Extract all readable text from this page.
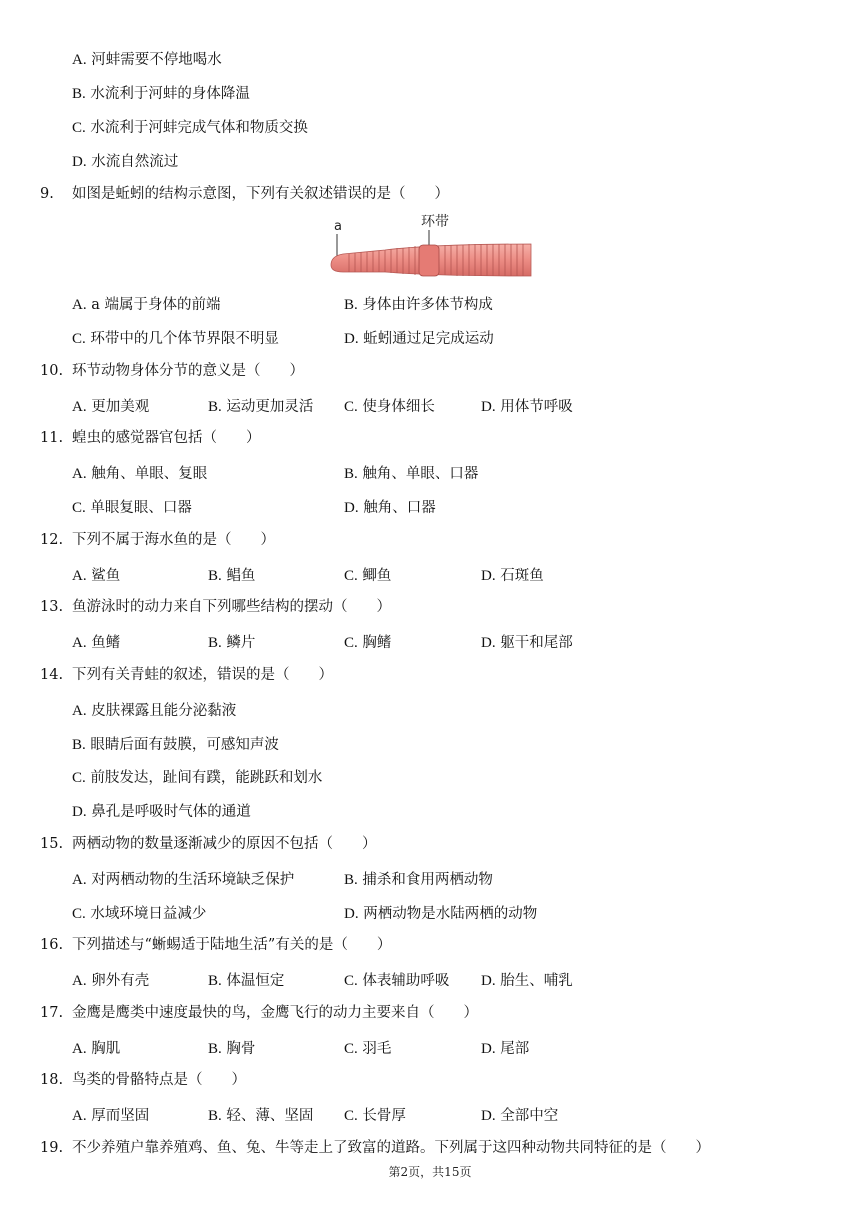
A. 河蚌需要不停地喝水
B. 水流利于河蚌的身体降温
C. 水流利于河蚌完成气体和物质交换
D. 水流自然流过
9. 如图是蚯蚓的结构示意图，下列有关叙述错误的是（　　）
a	环带
A. a 端属于身体的前端	B. 身体由许多体节构成
C. 环带中的几个体节界限不明显	D. 蚯蚓通过足完成运动
10. 环节动物身体分节的意义是（　　）
A. 更加美观	B. 运动更加灵活 C. 使身体细长	D. 用体节呼吸
11. 蝗虫的感觉器官包括（　　）
A. 触角、单眼、复眼	B. 触角、单眼、口器
C. 单眼复眼、口器	D. 触角、口器
12. 下列不属于海水鱼的是（　　）
A. 鲨鱼	B. 鲳鱼	C. 鲫鱼	D. 石斑鱼
13. 鱼游泳时的动力来自下列哪些结构的摆动（　　）
A. 鱼鳍	B. 鳞片	C. 胸鳍	D. 躯干和尾部
14. 下列有关青蛙的叙述，错误的是（　　）
A. 皮肤裸露且能分泌黏液
B. 眼睛后面有鼓膜，可感知声波
C. 前肢发达，趾间有蹼，能跳跃和划水
D. 鼻孔是呼吸时气体的通道
15. 两栖动物的数量逐渐减少的原因不包括（　　）
A. 对两栖动物的生活环境缺乏保护	B. 捕杀和食用两栖动物
C. 水域环境日益减少	D. 两栖动物是水陆两栖的动物
16. 下列描述与“蜥蜴适于陆地生活”有关的是（　　）
A. 卵外有壳	B. 体温恒定	C. 体表辅助呼吸 D. 胎生、哺乳
17. 金鹰是鹰类中速度最快的鸟，金鹰飞行的动力主要来自（　　）
A. 胸肌	B. 胸骨	C. 羽毛	D. 尾部
18. 鸟类的骨骼特点是（　　）
A. 厚而坚固	B. 轻、薄、坚固 C. 长骨厚	D. 全部中空
19. 不少养殖户靠养殖鸡、鱼、兔、牛等走上了致富的道路。下列属于这四种动物共同特征的是（　　）
第2页，共15页
